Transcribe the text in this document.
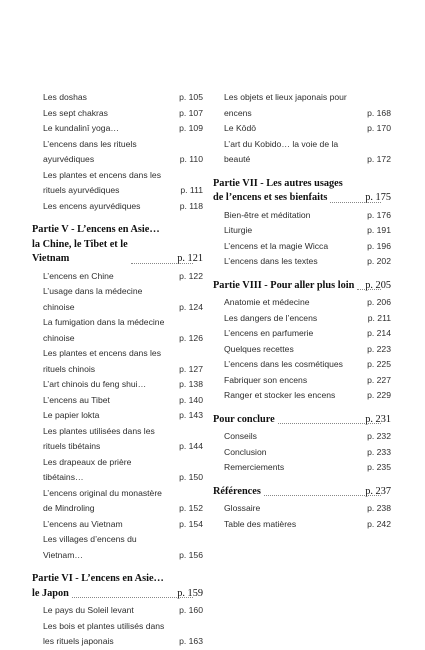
Les doshas	p. 105
Les sept chakras	p. 107
Le kundalinî yoga…	p. 109
L’encens dans les rituels ayurvédiques	p. 110
Les plantes et encens dans les rituels ayurvédiques	p. 111
Les encens ayurvédiques	p. 118
Partie V - L’encens en Asie…
la Chine, le Tibet et le Vietnam	p. 121
L’encens en Chine	p. 122
L’usage dans la médecine chinoise	p. 124
La fumigation dans la médecine chinoise	p. 126
Les plantes et encens dans les rituels chinois	p. 127
L’art chinois du feng shui…	p. 138
L’encens au Tibet	p. 140
Le papier lokta	p. 143
Les plantes utilisées dans les rituels tibétains	p. 144
Les drapeaux de prière tibétains…	p. 150
L’encens original du monastère de Mindroling	p. 152
L’encens au Vietnam	p. 154
Les villages d’encens du Vietnam…	p. 156
Partie VI - L’encens en Asie…
le Japon	p. 159
Le pays du Soleil levant	p. 160
Les bois et plantes utilisés dans les rituels japonais	p. 163
Les objets et lieux japonais pour encens	p. 168
Le Kōdō	p. 170
L’art du Kobido… la voie de la beauté	p. 172
Partie VII - Les autres usages
de l’encens et ses bienfaits	p. 175
Bien-être et méditation	p. 176
Liturgie	p. 191
L’encens et la magie Wicca	p. 196
L’encens dans les textes	p. 202
Partie VIII - Pour aller plus loin	p. 205
Anatomie et médecine	p. 206
Les dangers de l’encens	p. 211
L’encens en parfumerie	p. 214
Quelques recettes	p. 223
L’encens dans les cosmétiques	p. 225
Fabriquer son encens	p. 227
Ranger et stocker les encens	p. 229
Pour conclure	p. 231
Conseils	p. 232
Conclusion	p. 233
Remerciements	p. 235
Références	p. 237
Glossaire	p. 238
Table des matières	p. 242
